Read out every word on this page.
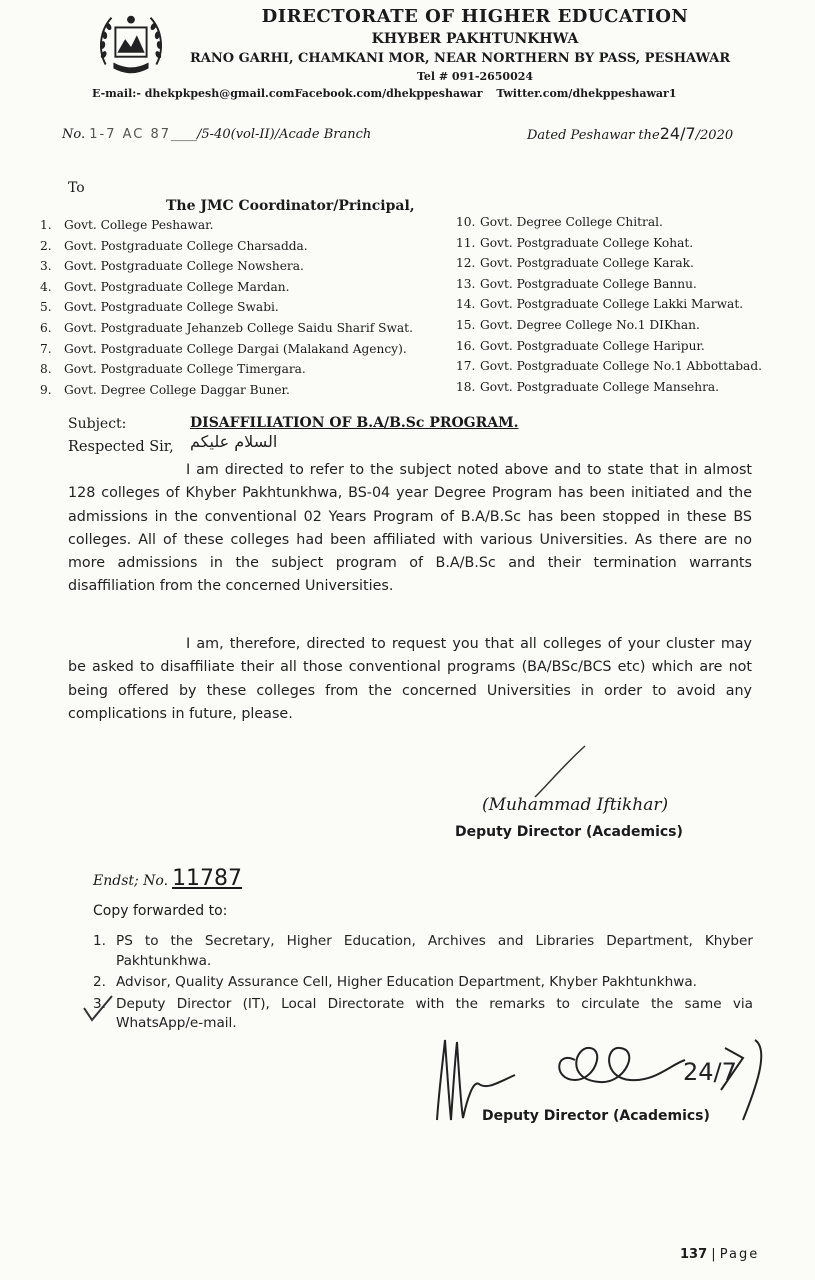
DIRECTORATE OF HIGHER EDUCATION
KHYBER PAKHTUNKHWA
RANO GARHI, CHAMKANI MOR, NEAR NORTHERN BY PASS, PESHAWAR
Tel # 091-2650024
E-mail:- dhekpkpesh@gmail.comFacebook.com/dhekppeshawar Twitter.com/dhekppeshawar1
No. 1-7 AC 87____/5-40(vol-II)/Acade Branch	Dated Peshawar the24/7/2020
To
The JMC Coordinator/Principal,
1. Govt. College Peshawar.
2. Govt. Postgraduate College Charsadda.
3. Govt. Postgraduate College Nowshera.
4. Govt. Postgraduate College Mardan.
5. Govt. Postgraduate College Swabi.
6. Govt. Postgraduate Jehanzeb College Saidu Sharif Swat.
7. Govt. Postgraduate College Dargai (Malakand Agency).
8. Govt. Postgraduate College Timergara.
9. Govt. Degree College Daggar Buner.
10. Govt. Degree College Chitral.
11. Govt. Postgraduate College Kohat.
12. Govt. Postgraduate College Karak.
13. Govt. Postgraduate College Bannu.
14. Govt. Postgraduate College Lakki Marwat.
15. Govt. Degree College No.1 DIKhan.
16. Govt. Postgraduate College Haripur.
17. Govt. Postgraduate College No.1 Abbottabad.
18. Govt. Postgraduate College Mansehra.
Subject:	DISAFFILIATION OF B.A/B.Sc PROGRAM.
Respected Sir, السلام علیکم
I am directed to refer to the subject noted above and to state that in almost 128 colleges of Khyber Pakhtunkhwa, BS-04 year Degree Program has been initiated and the admissions in the conventional 02 Years Program of B.A/B.Sc has been stopped in these BS colleges. All of these colleges had been affiliated with various Universities. As there are no more admissions in the subject program of B.A/B.Sc and their termination warrants disaffiliation from the concerned Universities.
I am, therefore, directed to request you that all colleges of your cluster may be asked to disaffiliate their all those conventional programs (BA/BSc/BCS etc) which are not being offered by these colleges from the concerned Universities in order to avoid any complications in future, please.
(Muhammad Iftikhar)
Deputy Director (Academics)
Endst; No. 11787
Copy forwarded to:
1. PS to the Secretary, Higher Education, Archives and Libraries Department, Khyber Pakhtunkhwa.
2. Advisor, Quality Assurance Cell, Higher Education Department, Khyber Pakhtunkhwa.
3. Deputy Director (IT), Local Directorate with the remarks to circulate the same via WhatsApp/e-mail.
24/7
Deputy Director (Academics)
137 | Page
